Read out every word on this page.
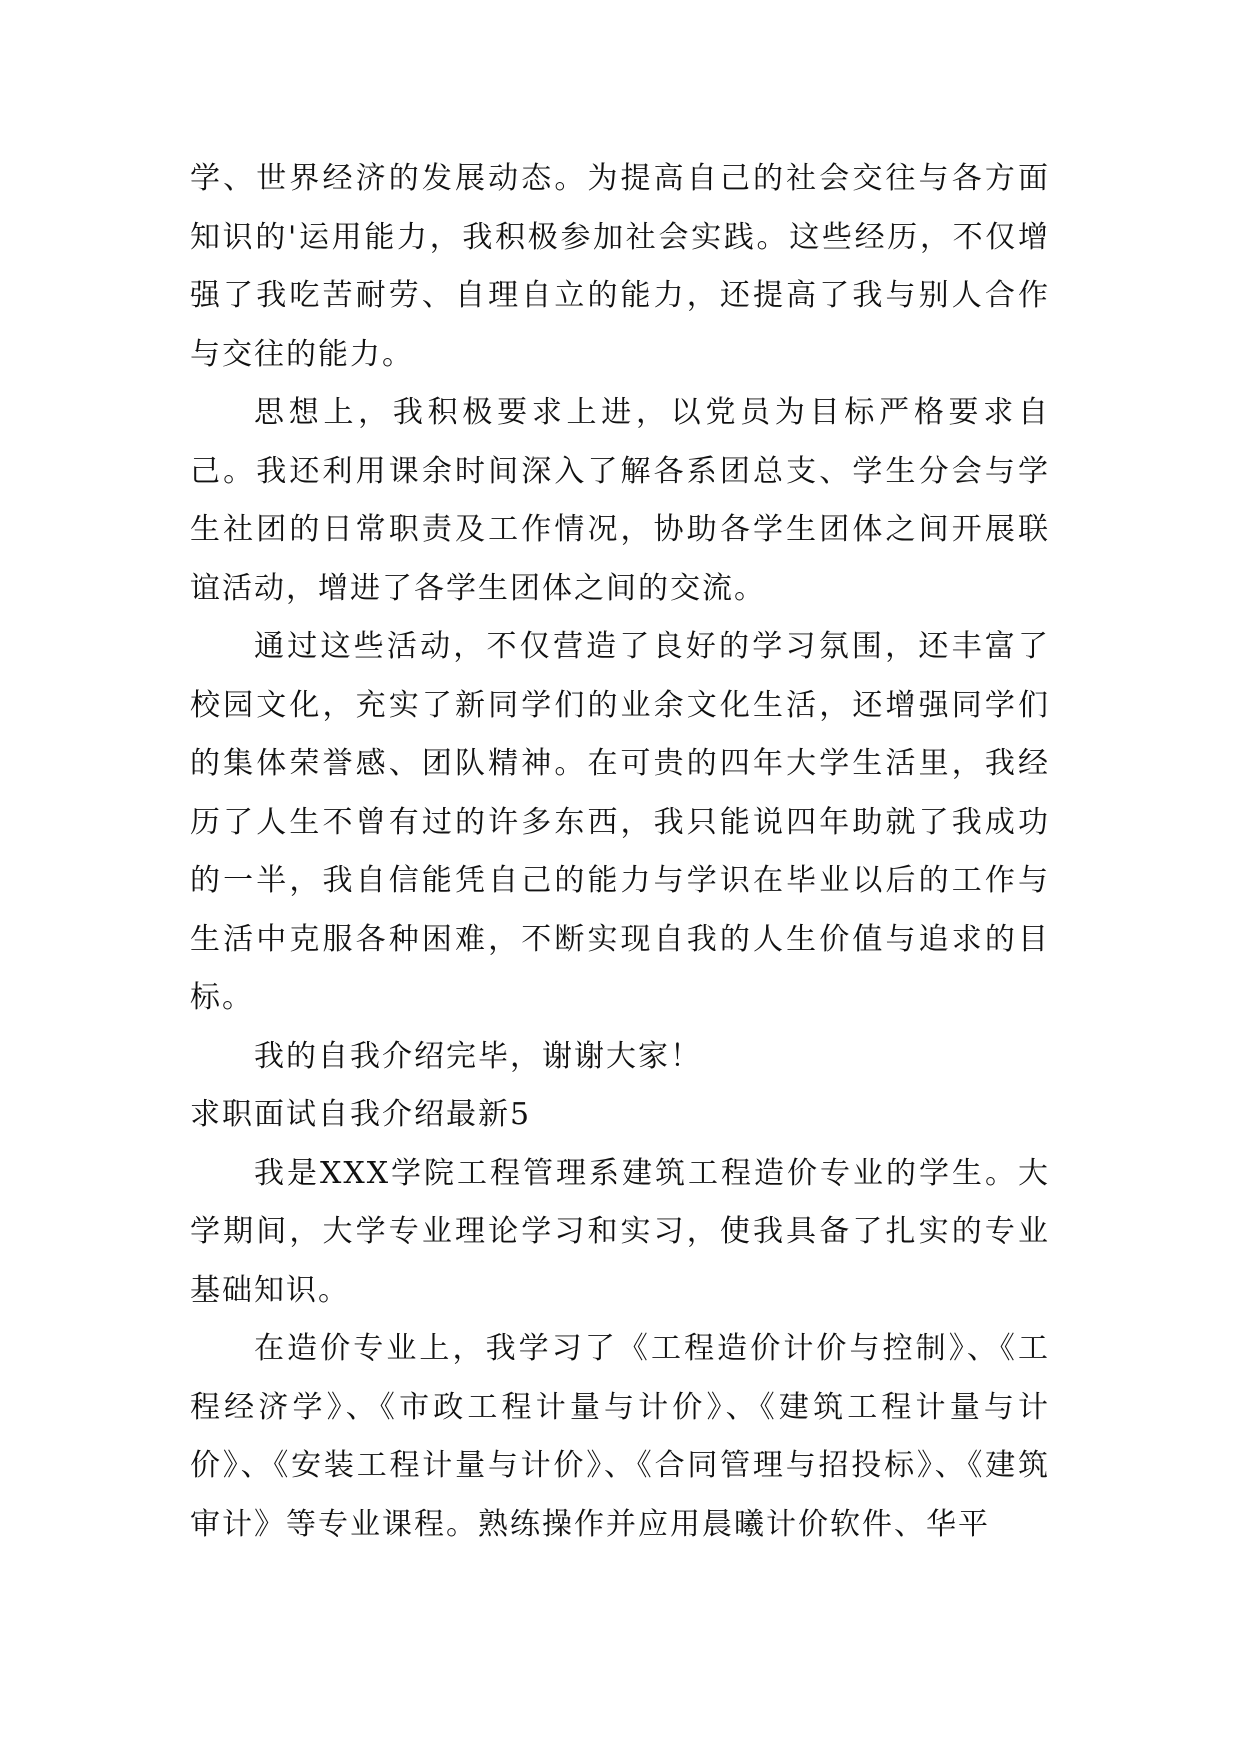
学、世界经济的发展动态。为提高自己的社会交往与各方面知识的'运用能力，我积极参加社会实践。这些经历，不仅增强了我吃苦耐劳、自理自立的能力，还提高了我与别人合作与交往的能力。

思想上，我积极要求上进，以党员为目标严格要求自己。我还利用课余时间深入了解各系团总支、学生分会与学生社团的日常职责及工作情况，协助各学生团体之间开展联谊活动，增进了各学生团体之间的交流。

通过这些活动，不仅营造了良好的学习氛围，还丰富了校园文化，充实了新同学们的业余文化生活，还增强同学们的集体荣誉感、团队精神。在可贵的四年大学生活里，我经历了人生不曾有过的许多东西，我只能说四年助就了我成功的一半，我自信能凭自己的能力与学识在毕业以后的工作与生活中克服各种困难，不断实现自我的人生价值与追求的目标。

我的自我介绍完毕，谢谢大家！

求职面试自我介绍最新5

我是XXX学院工程管理系建筑工程造价专业的学生。大学期间，大学专业理论学习和实习，使我具备了扎实的专业基础知识。

在造价专业上，我学习了《工程造价计价与控制》、《工程经济学》、《市政工程计量与计价》、《建筑工程计量与计价》、《安装工程计量与计价》、《合同管理与招投标》、《建筑审计》等专业课程。熟练操作并应用晨曦计价软件、华平
